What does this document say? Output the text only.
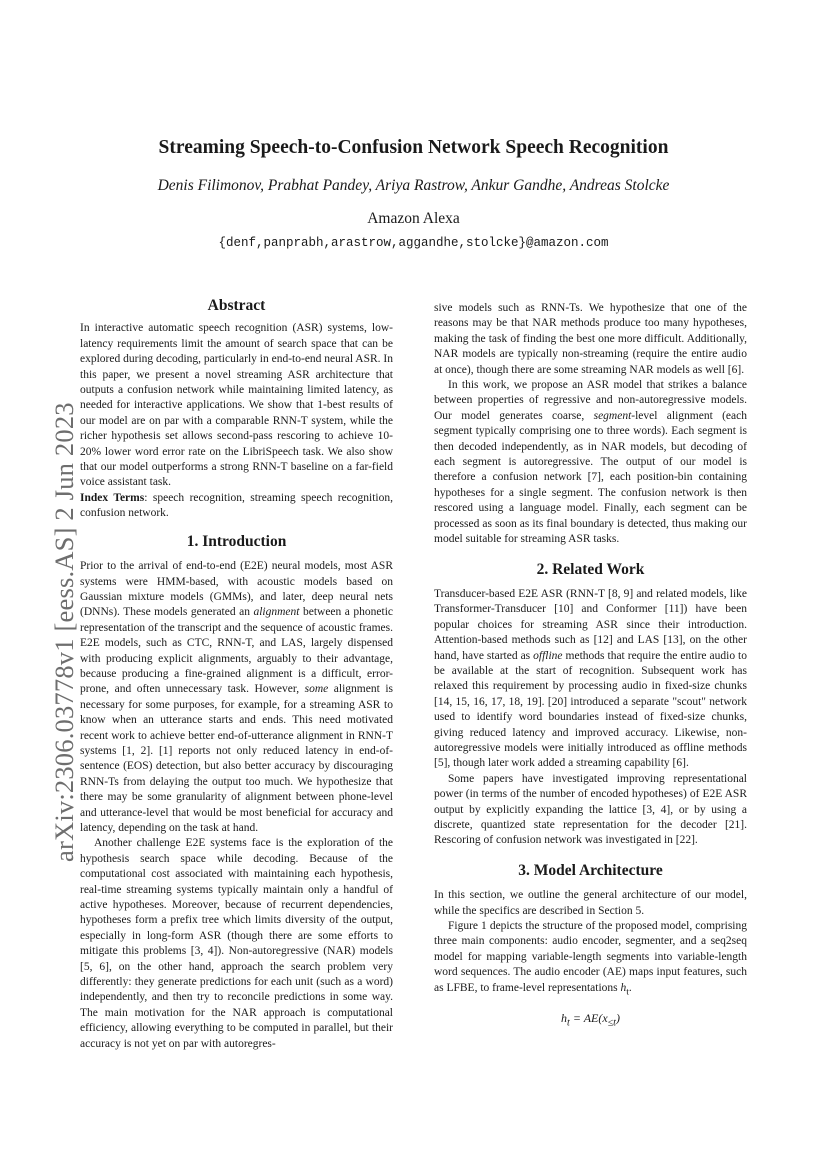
arXiv:2306.03778v1 [eess.AS] 2 Jun 2023
Streaming Speech-to-Confusion Network Speech Recognition
Denis Filimonov, Prabhat Pandey, Ariya Rastrow, Ankur Gandhe, Andreas Stolcke
Amazon Alexa
{denf,panprabh,arastrow,aggandhe,stolcke}@amazon.com
Abstract

In interactive automatic speech recognition (ASR) systems, low-latency requirements limit the amount of search space that can be explored during decoding, particularly in end-to-end neural ASR. In this paper, we present a novel streaming ASR architecture that outputs a confusion network while maintaining limited latency, as needed for interactive applications. We show that 1-best results of our model are on par with a comparable RNN-T system, while the richer hypothesis set allows second-pass rescoring to achieve 10-20% lower word error rate on the LibriSpeech task. We also show that our model outperforms a strong RNN-T baseline on a far-field voice assistant task.

Index Terms: speech recognition, streaming speech recognition, confusion network.

1. Introduction

Prior to the arrival of end-to-end (E2E) neural models, most ASR systems were HMM-based, with acoustic models based on Gaussian mixture models (GMMs), and later, deep neural nets (DNNs). These models generated an alignment between a phonetic representation of the transcript and the sequence of acoustic frames. E2E models, such as CTC, RNN-T, and LAS, largely dispensed with producing explicit alignments, arguably to their advantage, because producing a fine-grained alignment is a difficult, error-prone, and often unnecessary task. However, some alignment is necessary for some purposes, for example, for a streaming ASR to know when an utterance starts and ends. This need motivated recent work to achieve better end-of-utterance alignment in RNN-T systems [1, 2]. [1] reports not only reduced latency in end-of-sentence (EOS) detection, but also better accuracy by discouraging RNN-Ts from delaying the output too much. We hypothesize that there may be some granularity of alignment between phone-level and utterance-level that would be most beneficial for accuracy and latency, depending on the task at hand.

Another challenge E2E systems face is the exploration of the hypothesis search space while decoding. Because of the computational cost associated with maintaining each hypothesis, real-time streaming systems typically maintain only a handful of active hypotheses. Moreover, because of recurrent dependencies, hypotheses form a prefix tree which limits diversity of the output, especially in long-form ASR (though there are some efforts to mitigate this problems [3, 4]). Non-autoregressive (NAR) models [5, 6], on the other hand, approach the search problem very differently: they generate predictions for each unit (such as a word) independently, and then try to reconcile predictions in some way. The main motivation for the NAR approach is computational efficiency, allowing everything to be computed in parallel, but their accuracy is not yet on par with autoregres-

sive models such as RNN-Ts. We hypothesize that one of the reasons may be that NAR methods produce too many hypotheses, making the task of finding the best one more difficult. Additionally, NAR models are typically non-streaming (require the entire audio at once), though there are some streaming NAR models as well [6].

In this work, we propose an ASR model that strikes a balance between properties of regressive and non-autoregressive models. Our model generates coarse, segment-level alignment (each segment typically comprising one to three words). Each segment is then decoded independently, as in NAR models, but decoding of each segment is autoregressive. The output of our model is therefore a confusion network [7], each position-bin containing hypotheses for a single segment. The confusion network is then rescored using a language model. Finally, each segment can be processed as soon as its final boundary is detected, thus making our model suitable for streaming ASR tasks.

2. Related Work

Transducer-based E2E ASR (RNN-T [8, 9] and related models, like Transformer-Transducer [10] and Conformer [11]) have been popular choices for streaming ASR since their introduction. Attention-based methods such as [12] and LAS [13], on the other hand, have started as offline methods that require the entire audio to be available at the start of recognition. Subsequent work has relaxed this requirement by processing audio in fixed-size chunks [14, 15, 16, 17, 18, 19]. [20] introduced a separate "scout" network used to identify word boundaries instead of fixed-size chunks, giving reduced latency and improved accuracy. Likewise, non-autoregressive models were initially introduced as offline methods [5], though later work added a streaming capability [6].

Some papers have investigated improving representational power (in terms of the number of encoded hypotheses) of E2E ASR output by explicitly expanding the lattice [3, 4], or by using a discrete, quantized state representation for the decoder [21]. Rescoring of confusion network was investigated in [22].

3. Model Architecture

In this section, we outline the general architecture of our model, while the specifics are described in Section 5.

Figure 1 depicts the structure of the proposed model, comprising three main components: audio encoder, segmenter, and a seq2seq model for mapping variable-length segments into variable-length word sequences. The audio encoder (AE) maps input features, such as LFBE, to frame-level representations $h_t$.

$h_t = AE(x_{\le t})$
